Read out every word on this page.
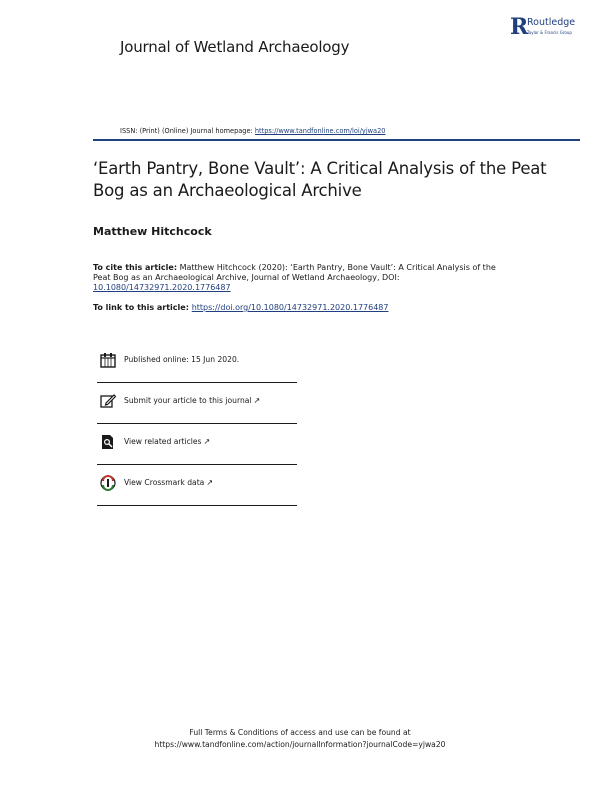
Journal of Wetland Archaeology
R
Routledge
Taylor & Francis Group
ISSN: (Print) (Online) Journal homepage: https://www.tandfonline.com/loi/yjwa20
‘Earth Pantry, Bone Vault’: A Critical Analysis of the Peat Bog as an Archaeological Archive
Matthew Hitchcock
To cite this article: Matthew Hitchcock (2020): ‘Earth Pantry, Bone Vault’: A Critical Analysis of the Peat Bog as an Archaeological Archive, Journal of Wetland Archaeology, DOI:
10.1080/14732971.2020.1776487
To link to this article: https://doi.org/10.1080/14732971.2020.1776487
Published online: 15 Jun 2020.
Submit your article to this journal ↗
View related articles ↗
View Crossmark data ↗
Full Terms & Conditions of access and use can be found at
https://www.tandfonline.com/action/journalInformation?journalCode=yjwa20
